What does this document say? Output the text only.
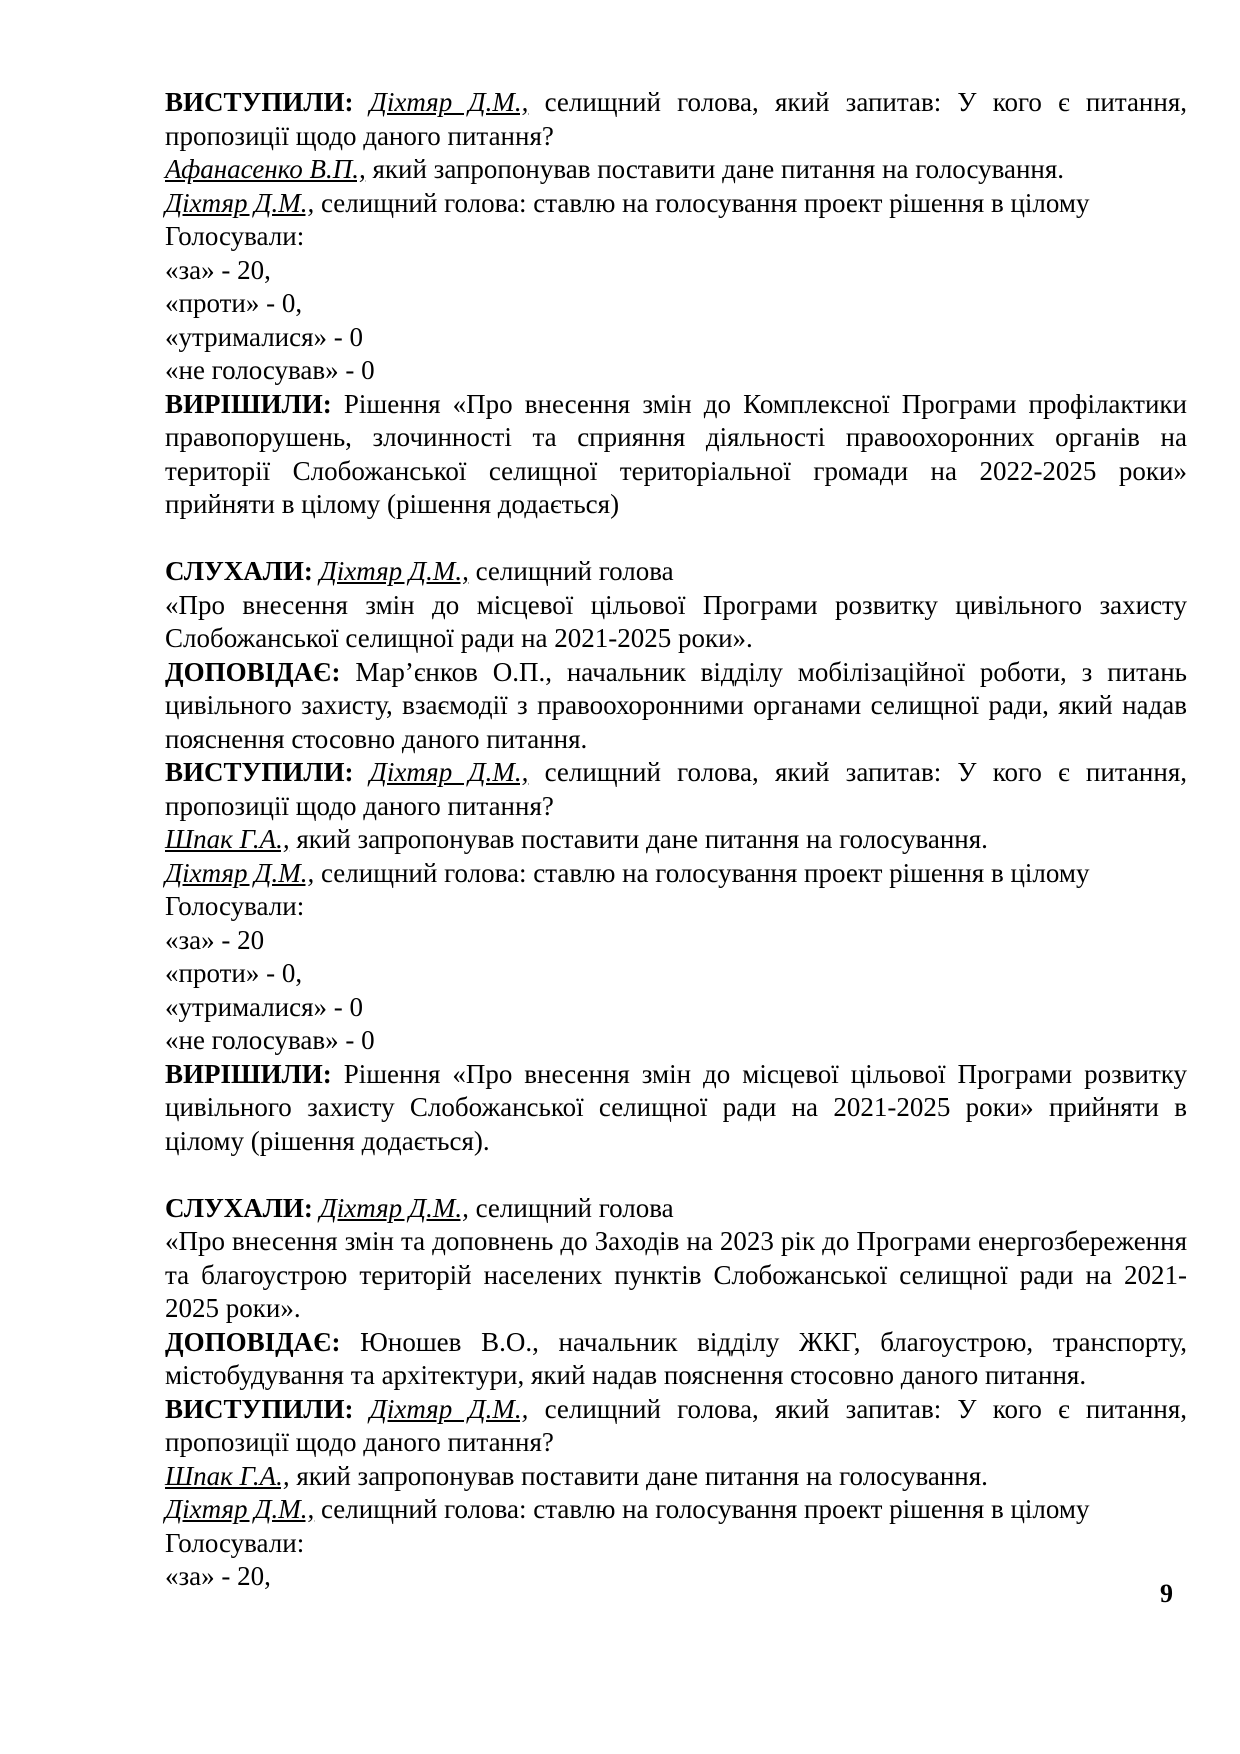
ВИСТУПИЛИ: Діхтяр Д.М., селищний голова, який запитав: У кого є питання, пропозиції щодо даного питання?

Афанасенко В.П., який запропонував поставити дане питання на голосування.

Діхтяр Д.М., селищний голова: ставлю на голосування проект рішення в цілому

Голосували:

«за» - 20,

«проти» - 0,

«утрималися» - 0

«не голосував» - 0

ВИРІШИЛИ: Рішення «Про внесення змін до Комплексної Програми профілактики правопорушень, злочинності та сприяння діяльності правоохоронних органів на території Слобожанської селищної територіальної громади на 2022-2025 роки» прийняти в цілому (рішення додається)

СЛУХАЛИ: Діхтяр Д.М., селищний голова

«Про внесення змін до місцевої цільової Програми розвитку цивільного захисту Слобожанської селищної ради на 2021-2025 роки».

ДОПОВІДАЄ: Мар’єнков О.П., начальник відділу мобілізаційної роботи, з питань цивільного захисту, взаємодії з правоохоронними органами селищної ради, який надав пояснення стосовно даного питання.

ВИСТУПИЛИ: Діхтяр Д.М., селищний голова, який запитав: У кого є питання, пропозиції щодо даного питання?

Шпак Г.А., який запропонував поставити дане питання на голосування.

Діхтяр Д.М., селищний голова: ставлю на голосування проект рішення в цілому

Голосували:

«за» - 20

«проти» - 0,

«утрималися» - 0

«не голосував» - 0

ВИРІШИЛИ: Рішення «Про внесення змін до місцевої цільової Програми розвитку цивільного захисту Слобожанської селищної ради на 2021-2025 роки» прийняти в цілому (рішення додається).

СЛУХАЛИ: Діхтяр Д.М., селищний голова

«Про внесення змін та доповнень до Заходів на 2023 рік до Програми енергозбереження та благоустрою територій населених пунктів Слобожанської селищної ради на 2021-2025 роки».

ДОПОВІДАЄ: Юношев В.О., начальник відділу ЖКГ, благоустрою, транспорту, містобудування та архітектури, який надав пояснення стосовно даного питання.

ВИСТУПИЛИ: Діхтяр Д.М., селищний голова, який запитав: У кого є питання, пропозиції щодо даного питання?

Шпак Г.А., який запропонував поставити дане питання на голосування.

Діхтяр Д.М., селищний голова: ставлю на голосування проект рішення в цілому

Голосували:

«за» - 20,

9
